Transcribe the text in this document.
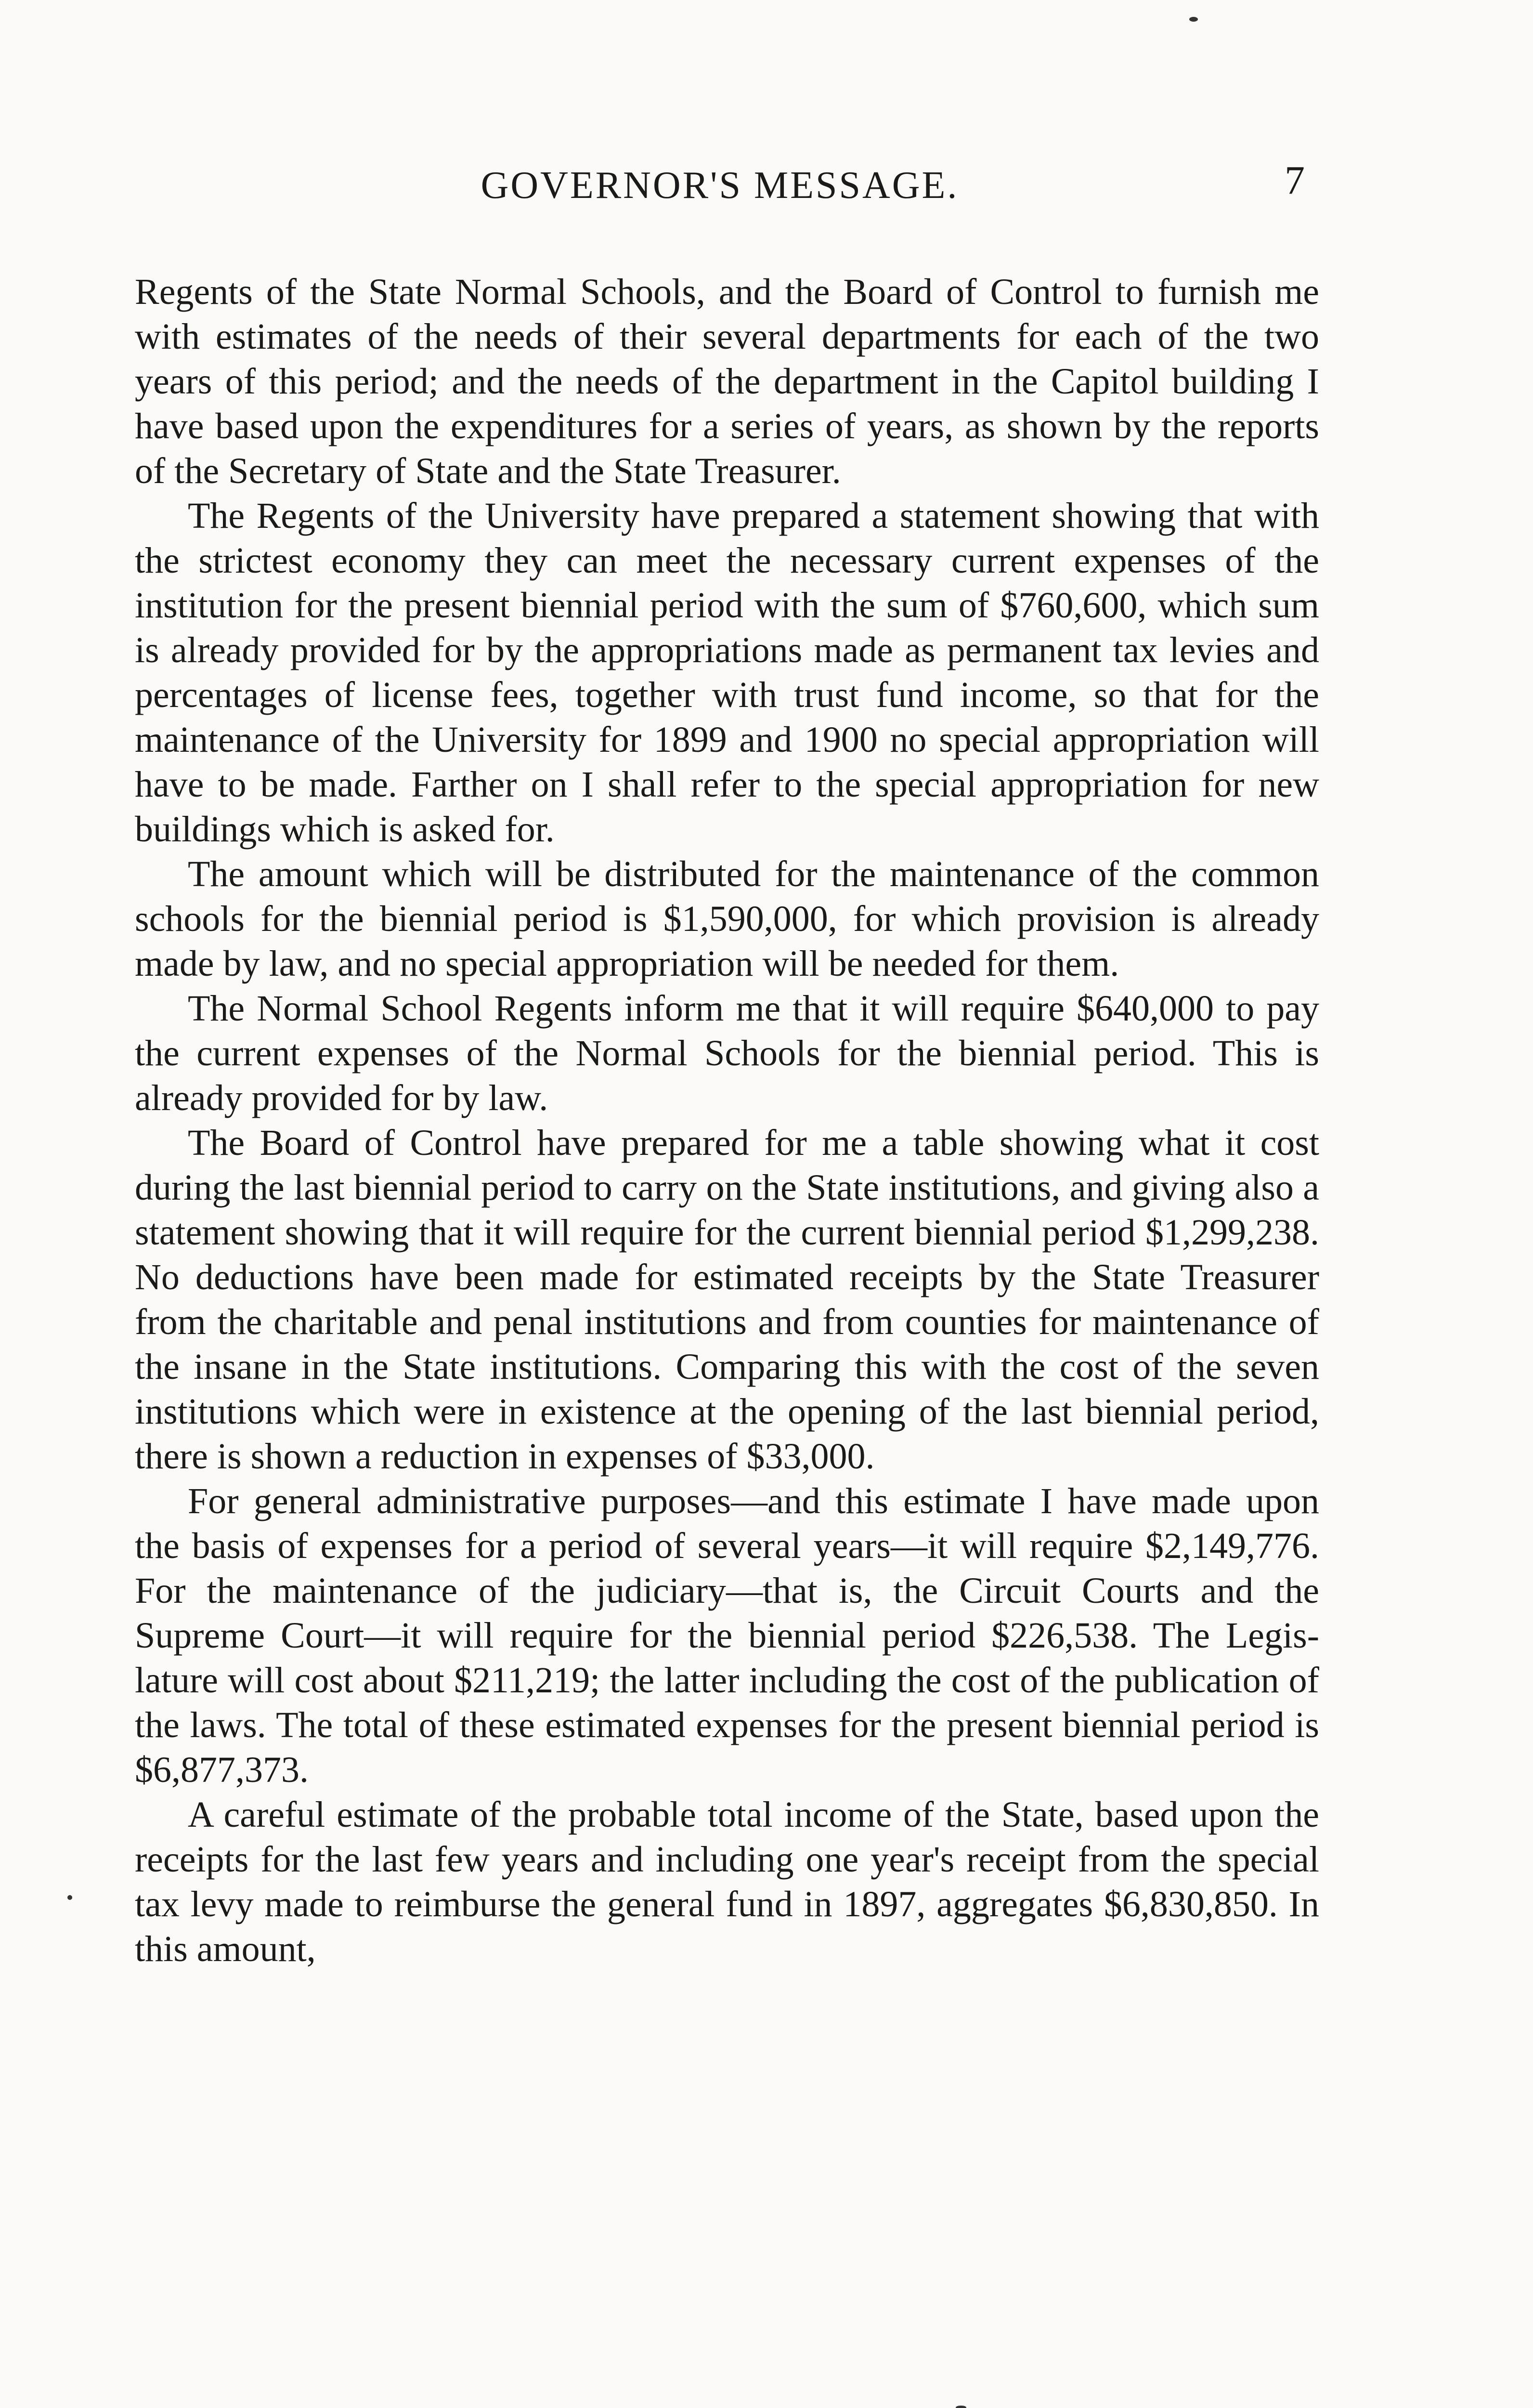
GOVERNOR'S MESSAGE.	7

Regents of the State Normal Schools, and the Board of Control to furnish me with estimates of the needs of their several departments for each of the two years of this period; and the needs of the department in the Capitol building I have based upon the expenditures for a series of years, as shown by the reports of the Secretary of State and the State Treasurer.

The Regents of the University have prepared a statement showing that with the strictest economy they can meet the necessary current expenses of the institution for the present biennial period with the sum of $760,600, which sum is already provided for by the appropriations made as permanent tax levies and percentages of license fees, together with trust fund income, so that for the maintenance of the University for 1899 and 1900 no special appropriation will have to be made. Farther on I shall refer to the special appropriation for new buildings which is asked for.

The amount which will be distributed for the maintenance of the common schools for the biennial period is $1,590,000, for which provision is already made by law, and no special appropriation will be needed for them.

The Normal School Regents inform me that it will require $640,000 to pay the current expenses of the Normal Schools for the biennial period. This is already provided for by law.

The Board of Control have prepared for me a table showing what it cost during the last biennial period to carry on the State institutions, and giving also a statement showing that it will require for the current biennial period $1,299,238. No deductions have been made for estimated receipts by the State Treasurer from the charitable and penal institutions and from counties for maintenance of the insane in the State institutions. Comparing this with the cost of the seven institutions which were in existence at the opening of the last biennial period, there is shown a reduction in expenses of $33,000.

For general administrative purposes—and this estimate I have made upon the basis of expenses for a period of several years—it will require $2,149,776. For the maintenance of the judiciary—that is, the Circuit Courts and the Supreme Court—it will require for the biennial period $226,538. The Legislature will cost about $211,219; the latter including the cost of the publication of the laws. The total of these estimated expenses for the present biennial period is $6,877,373.

A careful estimate of the probable total income of the State, based upon the receipts for the last few years and including one year's receipt from the special tax levy made to reimburse the general fund in 1897, aggregates $6,830,850. In this amount,
